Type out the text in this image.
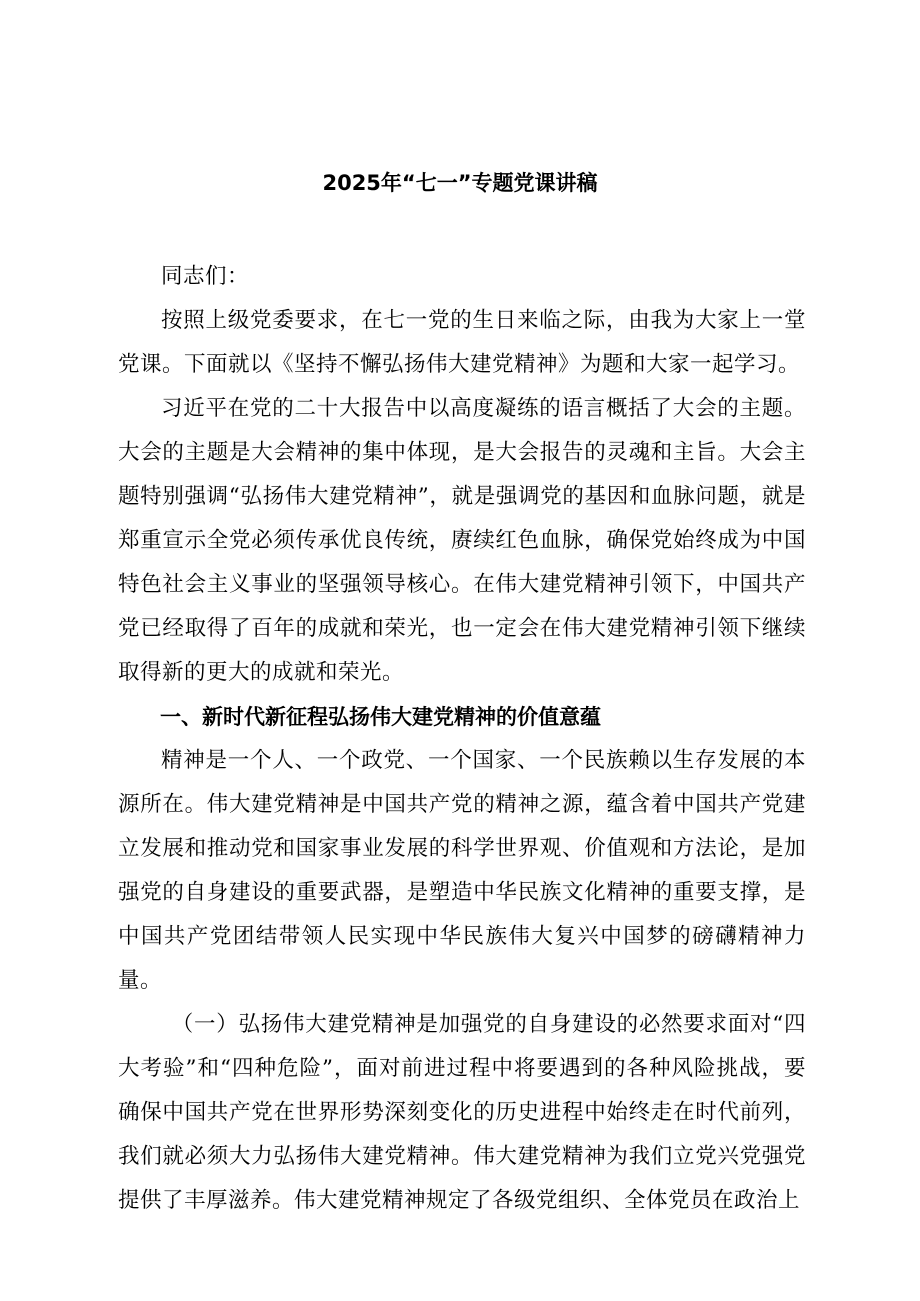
2025年“七一”专题党课讲稿

同志们：

按照上级党委要求，在七一党的生日来临之际，由我为大家上一堂党课。下面就以《坚持不懈弘扬伟大建党精神》为题和大家一起学习。

习近平在党的二十大报告中以高度凝练的语言概括了大会的主题。大会的主题是大会精神的集中体现，是大会报告的灵魂和主旨。大会主题特别强调“弘扬伟大建党精神”，就是强调党的基因和血脉问题，就是郑重宣示全党必须传承优良传统，赓续红色血脉，确保党始终成为中国特色社会主义事业的坚强领导核心。在伟大建党精神引领下，中国共产党已经取得了百年的成就和荣光，也一定会在伟大建党精神引领下继续取得新的更大的成就和荣光。

一、新时代新征程弘扬伟大建党精神的价值意蕴

精神是一个人、一个政党、一个国家、一个民族赖以生存发展的本源所在。伟大建党精神是中国共产党的精神之源，蕴含着中国共产党建立发展和推动党和国家事业发展的科学世界观、价值观和方法论，是加强党的自身建设的重要武器，是塑造中华民族文化精神的重要支撑，是中国共产党团结带领人民实现中华民族伟大复兴中国梦的磅礴精神力量。

（一）弘扬伟大建党精神是加强党的自身建设的必然要求面对“四大考验”和“四种危险”，面对前进过程中将要遇到的各种风险挑战，要确保中国共产党在世界形势深刻变化的历史进程中始终走在时代前列，我们就必须大力弘扬伟大建党精神。伟大建党精神为我们立党兴党强党提供了丰厚滋养。伟大建党精神规定了各级党组织、全体党员在政治上
